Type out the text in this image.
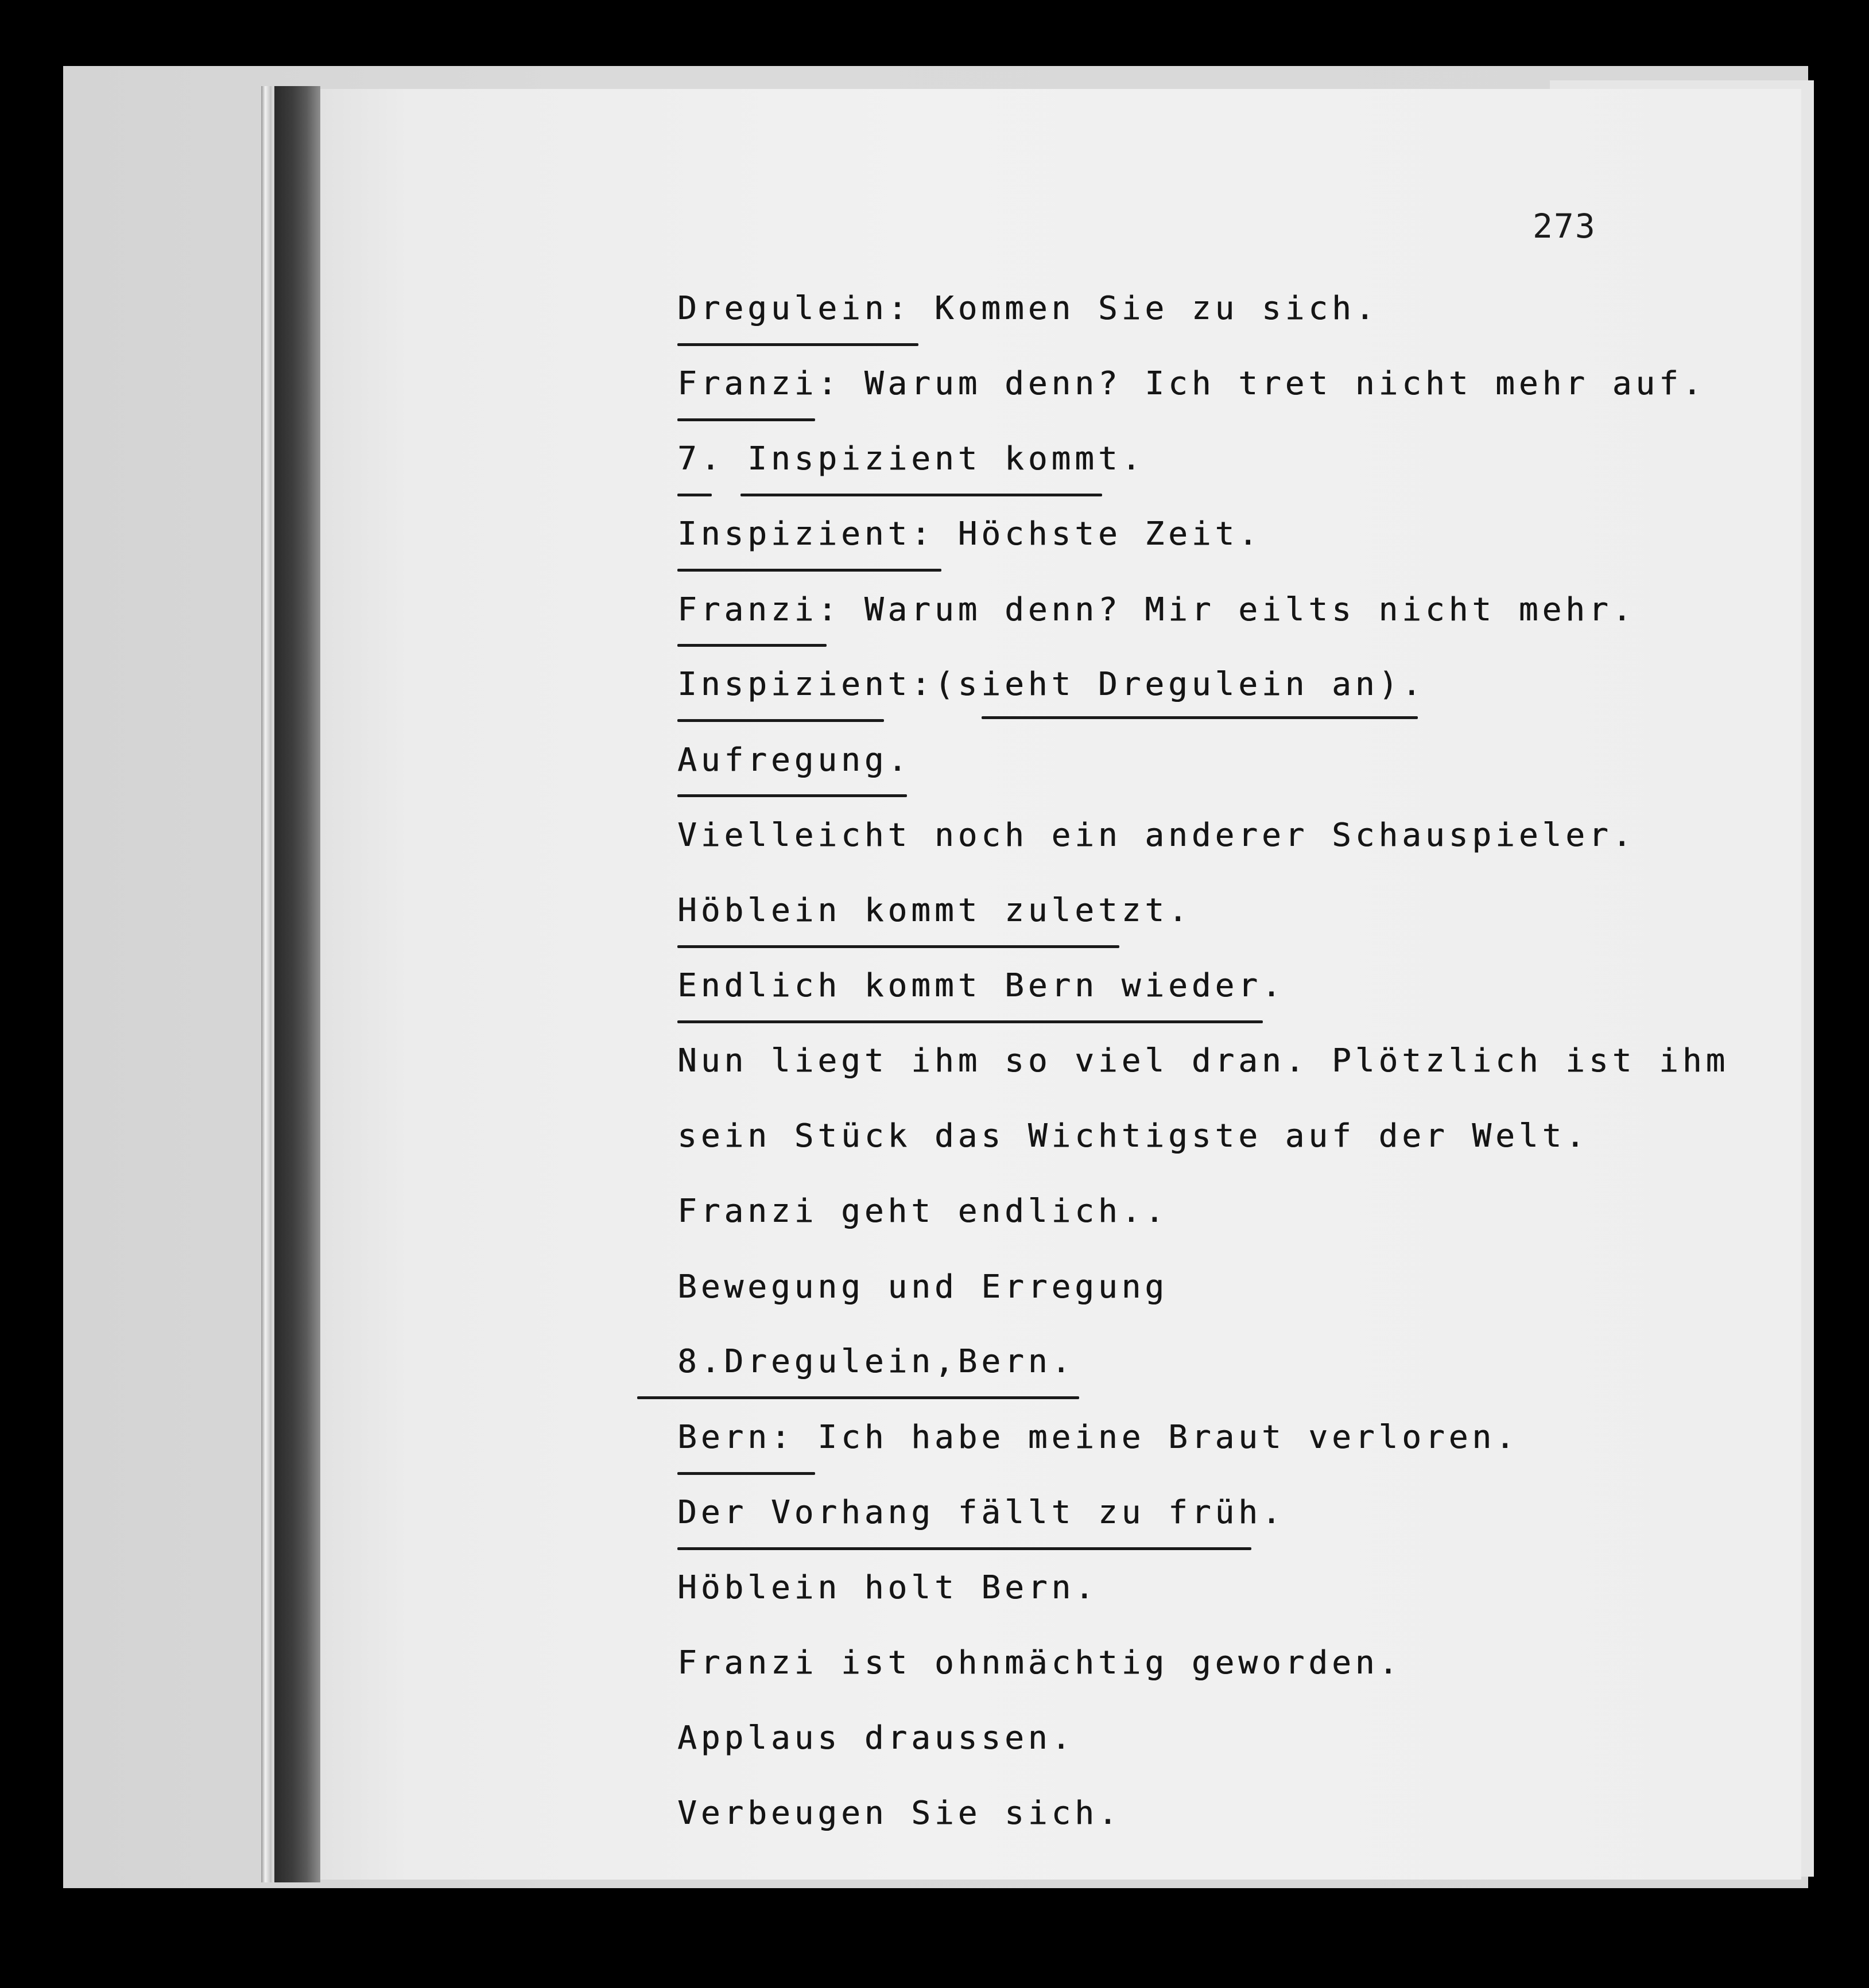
273
Dregulein: Kommen Sie zu sich.
Franzi: Warum denn? Ich tret nicht mehr auf.
7. Inspizient kommt.
Inspizient: Höchste Zeit.
Franzi: Warum denn? Mir eilts nicht mehr.
Inspizient:(sieht Dregulein an).
Aufregung.
Vielleicht noch ein anderer Schauspieler.
Höblein kommt zuletzt.
Endlich kommt Bern wieder.
Nun liegt ihm so viel dran. Plötzlich ist ihm
sein Stück das Wichtigste auf der Welt.
Franzi geht endlich..
Bewegung und Erregung
8.Dregulein,Bern.
Bern: Ich habe meine Braut verloren.
Der Vorhang fällt zu früh.
Höblein holt Bern.
Franzi ist ohnmächtig geworden.
Applaus draussen.
Verbeugen Sie sich.
